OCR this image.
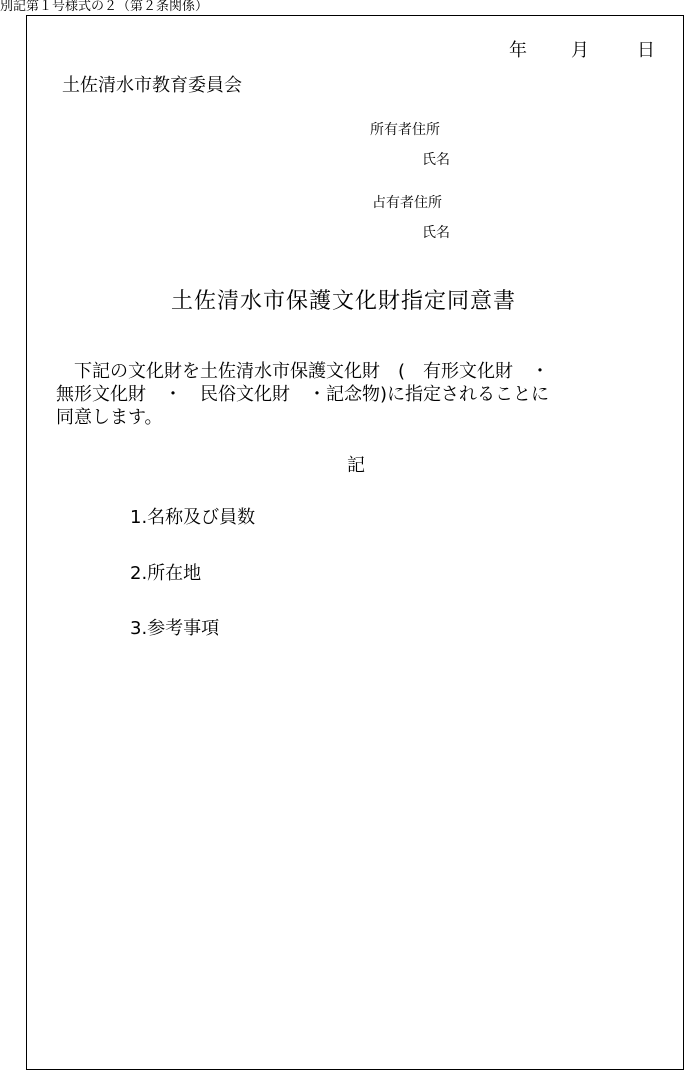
別記第１号様式の２（第２条関係）
年 月	日
土佐清水市教育委員会
所有者住所
氏名
占有者住所
氏名
土佐清水市保護文化財指定同意書
　下記の文化財を土佐清水市保護文化財　(　有形文化財　・
無形文化財　・　民俗文化財　・記念物)に指定されることに
同意します。
記
1.名称及び員数
2.所在地
3.参考事項
